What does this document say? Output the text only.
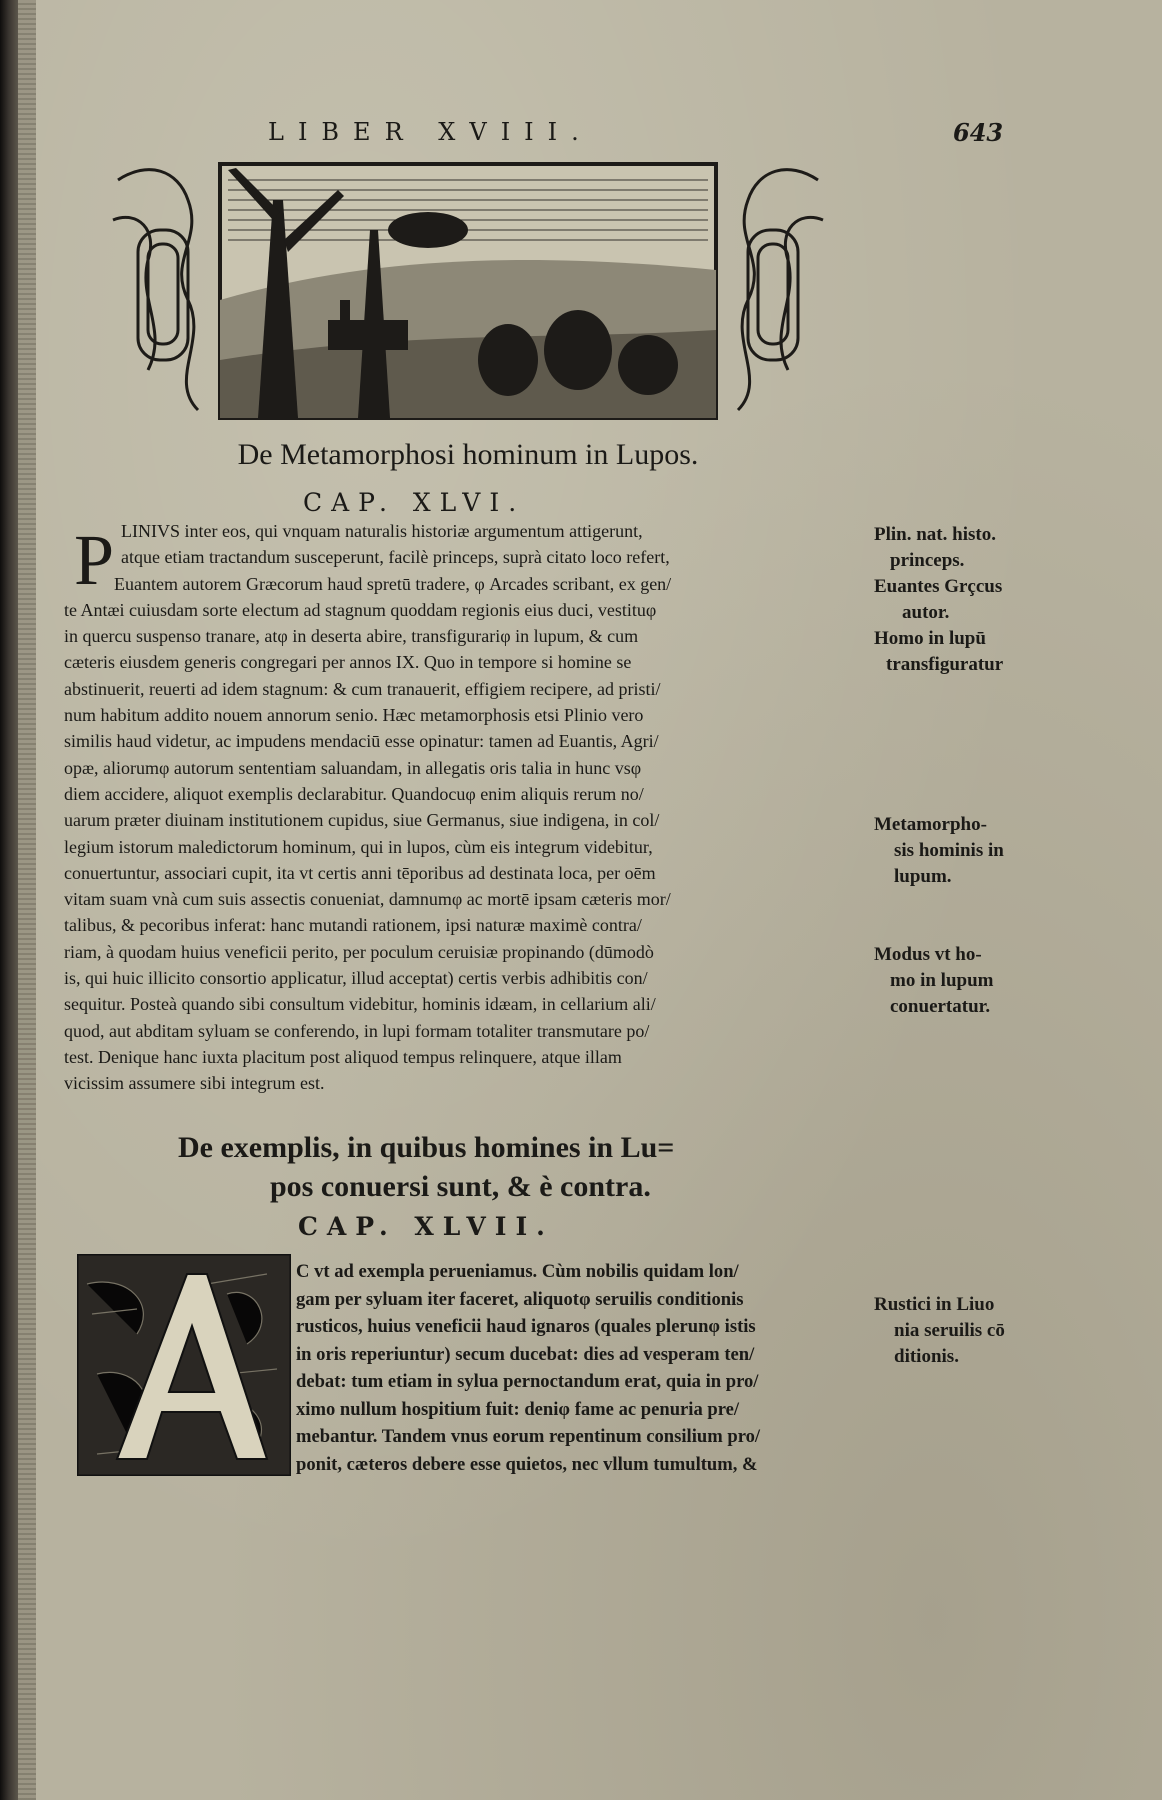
LIBER XVIII.	643
De Metamorphosi hominum in Lupos.
CAP. XLVI.
P LINIVS inter eos, qui vnquam naturalis historiæ argumentum attigerunt,
atque etiam tractandum susceperunt, facilè princeps, suprà citato loco refert,
Euantem autorem Græcorum haud spretū tradere, φ Arcades scribant, ex gen/
te Antæi cuiusdam sorte electum ad stagnum quoddam regionis eius duci, vestituφ
in quercu suspenso tranare, atφ in deserta abire, transfigurariφ in lupum, & cum
cæteris eiusdem generis congregari per annos IX. Quo in tempore si homine se
abstinuerit, reuerti ad idem stagnum: & cum tranauerit, effigiem recipere, ad pristi/
num habitum addito nouem annorum senio. Hæc metamorphosis etsi Plinio vero
similis haud videtur, ac impudens mendaciū esse opinatur: tamen ad Euantis, Agri/
opæ, aliorumφ autorum sententiam saluandam, in allegatis oris talia in hunc vsφ
diem accidere, aliquot exemplis declarabitur. Quandocuφ enim aliquis rerum no/
uarum præter diuinam institutionem cupidus, siue Germanus, siue indigena, in col/
legium istorum maledictorum hominum, qui in lupos, cùm eis integrum videbitur,
conuertuntur, associari cupit, ita vt certis anni tēporibus ad destinata loca, per oēm
vitam suam vnà cum suis assectis conueniat, damnumφ ac mortē ipsam cæteris mor/
talibus, & pecoribus inferat: hanc mutandi rationem, ipsi naturæ maximè contra/
riam, à quodam huius veneficii perito, per poculum ceruisiæ propinando (dūmodò
is, qui huic illicito consortio applicatur, illud acceptat) certis verbis adhibitis con/
sequitur. Posteà quando sibi consultum videbitur, hominis idæam, in cellarium ali/
quod, aut abditam syluam se conferendo, in lupi formam totaliter transmutare po/
test. Denique hanc iuxta placitum post aliquod tempus relinquere, atque illam
vicissim assumere sibi integrum est.
Plin. nat. histo.
princeps.
Euantes Grçcus
autor.
Homo in lupū
transfiguratur
Metamorpho-
sis hominis in
lupum.
Modus vt ho-
mo in lupum
conuertatur.
De exemplis, in quibus homines in Lu=
pos conuersi sunt, & è contra.
CAP. XLVII.
C vt ad exempla perueniamus. Cùm nobilis quidam lon/
gam per syluam iter faceret, aliquotφ seruilis conditionis
rusticos, huius veneficii haud ignaros (quales plerunφ istis
in oris reperiuntur) secum ducebat: dies ad vesperam ten/
debat: tum etiam in sylua pernoctandum erat, quia in pro/
ximo nullum hospitium fuit: deniφ fame ac penuria pre/
mebantur. Tandem vnus eorum repentinum consilium pro/
ponit, cæteros debere esse quietos, nec vllum tumultum, &
Rustici in Liuo
nia seruilis cō
ditionis.
